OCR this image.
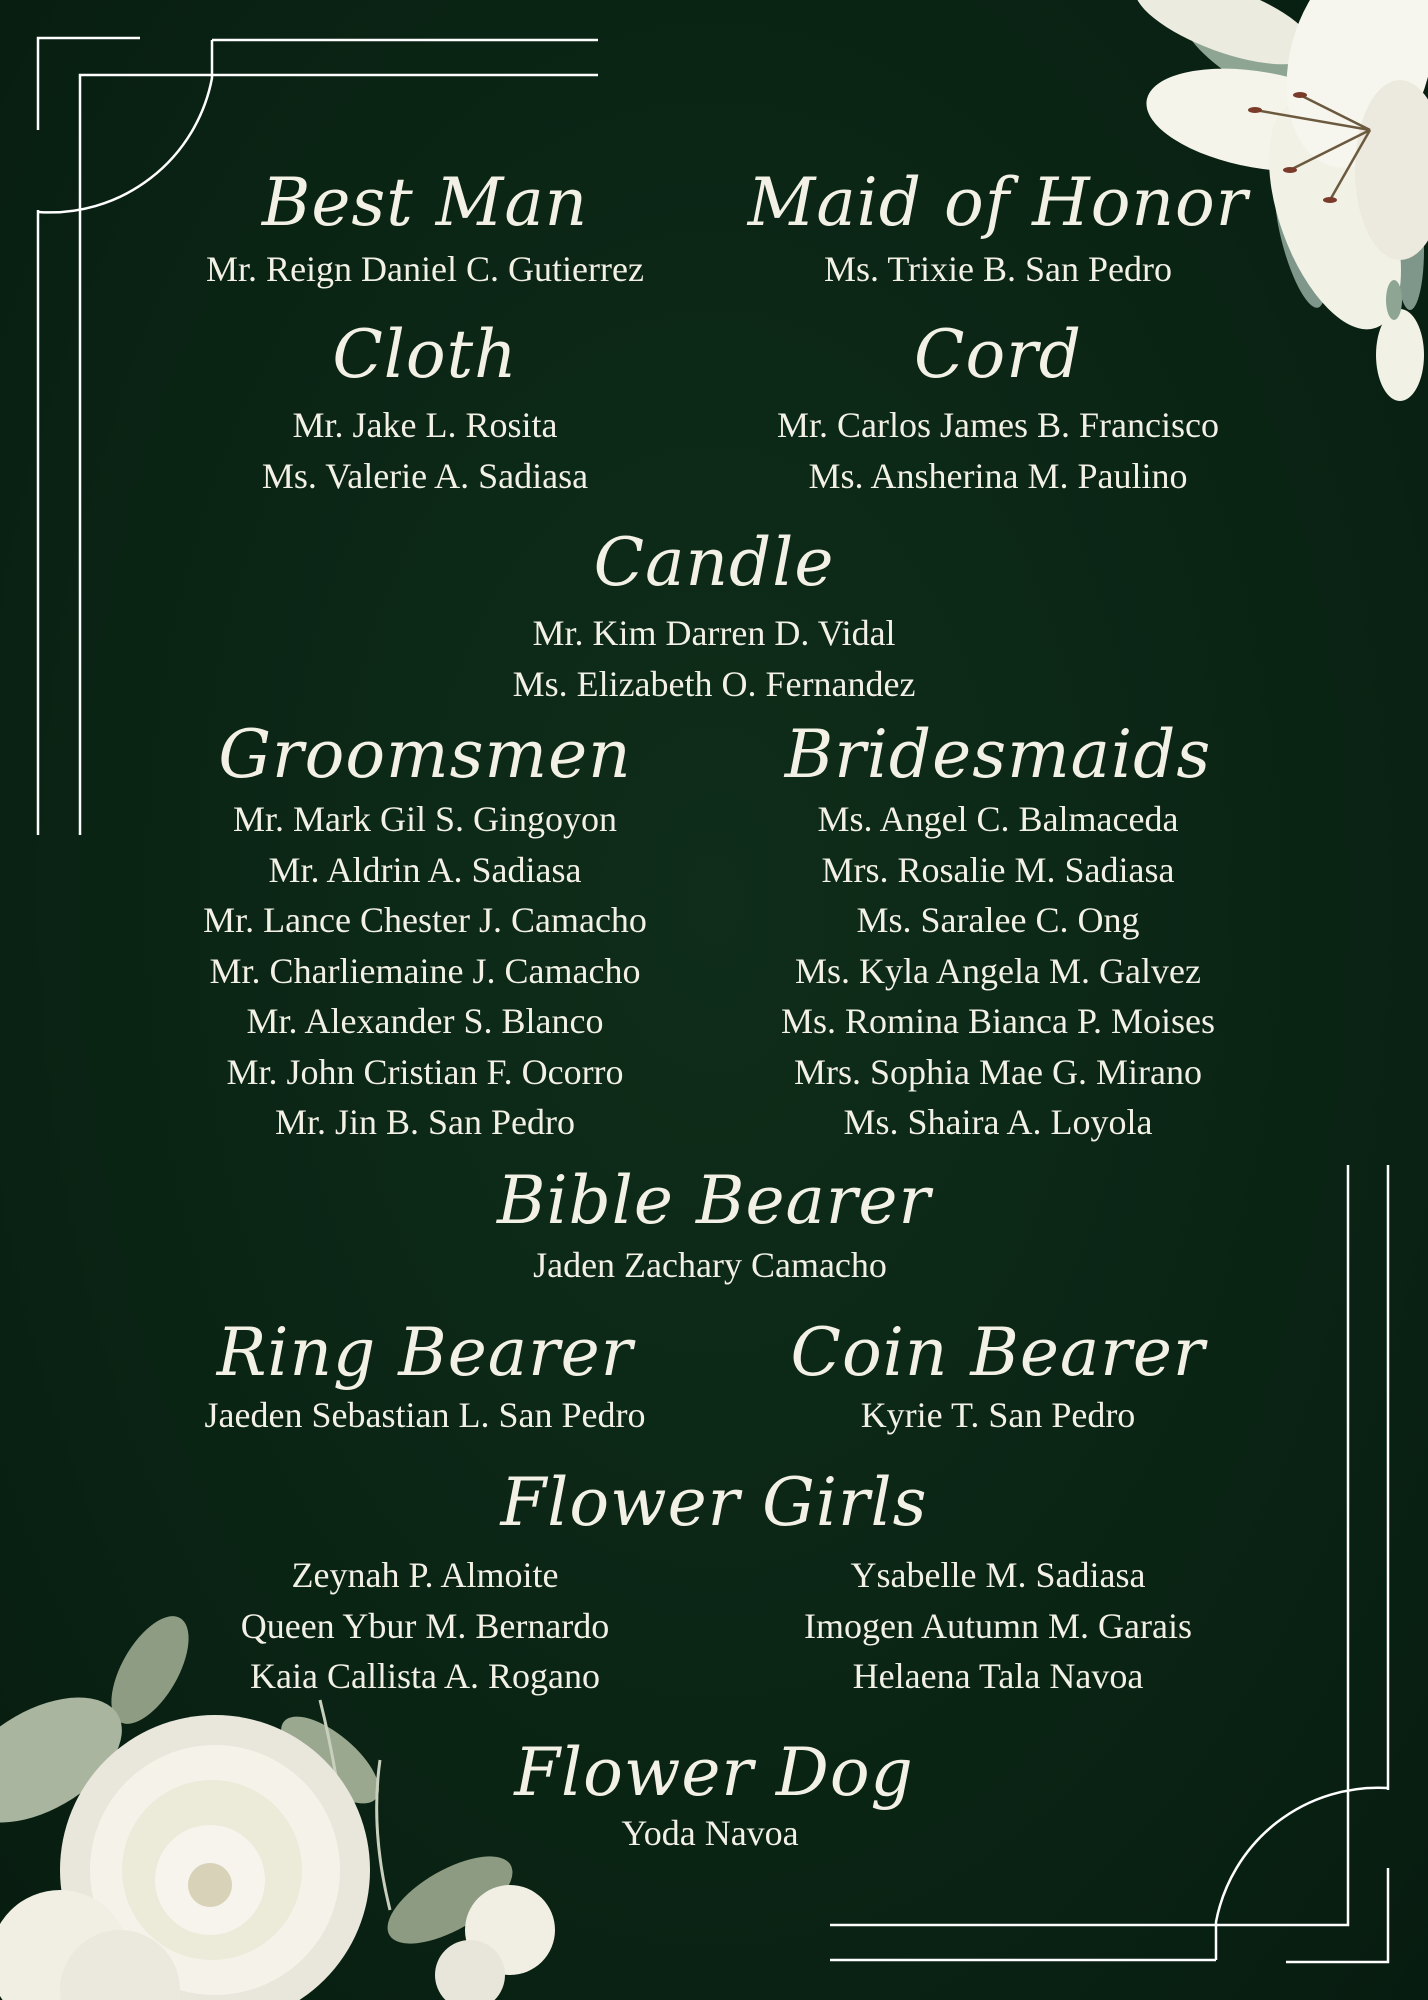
Best Man
Mr. Reign Daniel C. Gutierrez
Maid of Honor
Ms. Trixie B. San Pedro
Cloth
Mr. Jake L. Rosita
Ms. Valerie A. Sadiasa
Cord
Mr. Carlos James B. Francisco
Ms. Ansherina M. Paulino
Candle
Mr. Kim Darren D. Vidal
Ms. Elizabeth O. Fernandez
Groomsmen
Mr. Mark Gil S. Gingoyon
Mr. Aldrin A. Sadiasa
Mr. Lance Chester J. Camacho
Mr. Charliemaine J. Camacho
Mr. Alexander S. Blanco
Mr. John Cristian F. Ocorro
Mr. Jin B. San Pedro
Bridesmaids
Ms. Angel C. Balmaceda
Mrs. Rosalie M. Sadiasa
Ms. Saralee C. Ong
Ms. Kyla Angela M. Galvez
Ms. Romina Bianca P. Moises
Mrs. Sophia Mae G. Mirano
Ms. Shaira A. Loyola
Bible Bearer
Jaden Zachary Camacho
Ring Bearer
Jaeden Sebastian L. San Pedro
Coin Bearer
Kyrie T. San Pedro
Flower Girls
Zeynah P. Almoite
Queen Ybur M. Bernardo
Kaia Callista A. Rogano
Ysabelle M. Sadiasa
Imogen Autumn M. Garais
Helaena Tala Navoa
Flower Dog
Yoda Navoa
